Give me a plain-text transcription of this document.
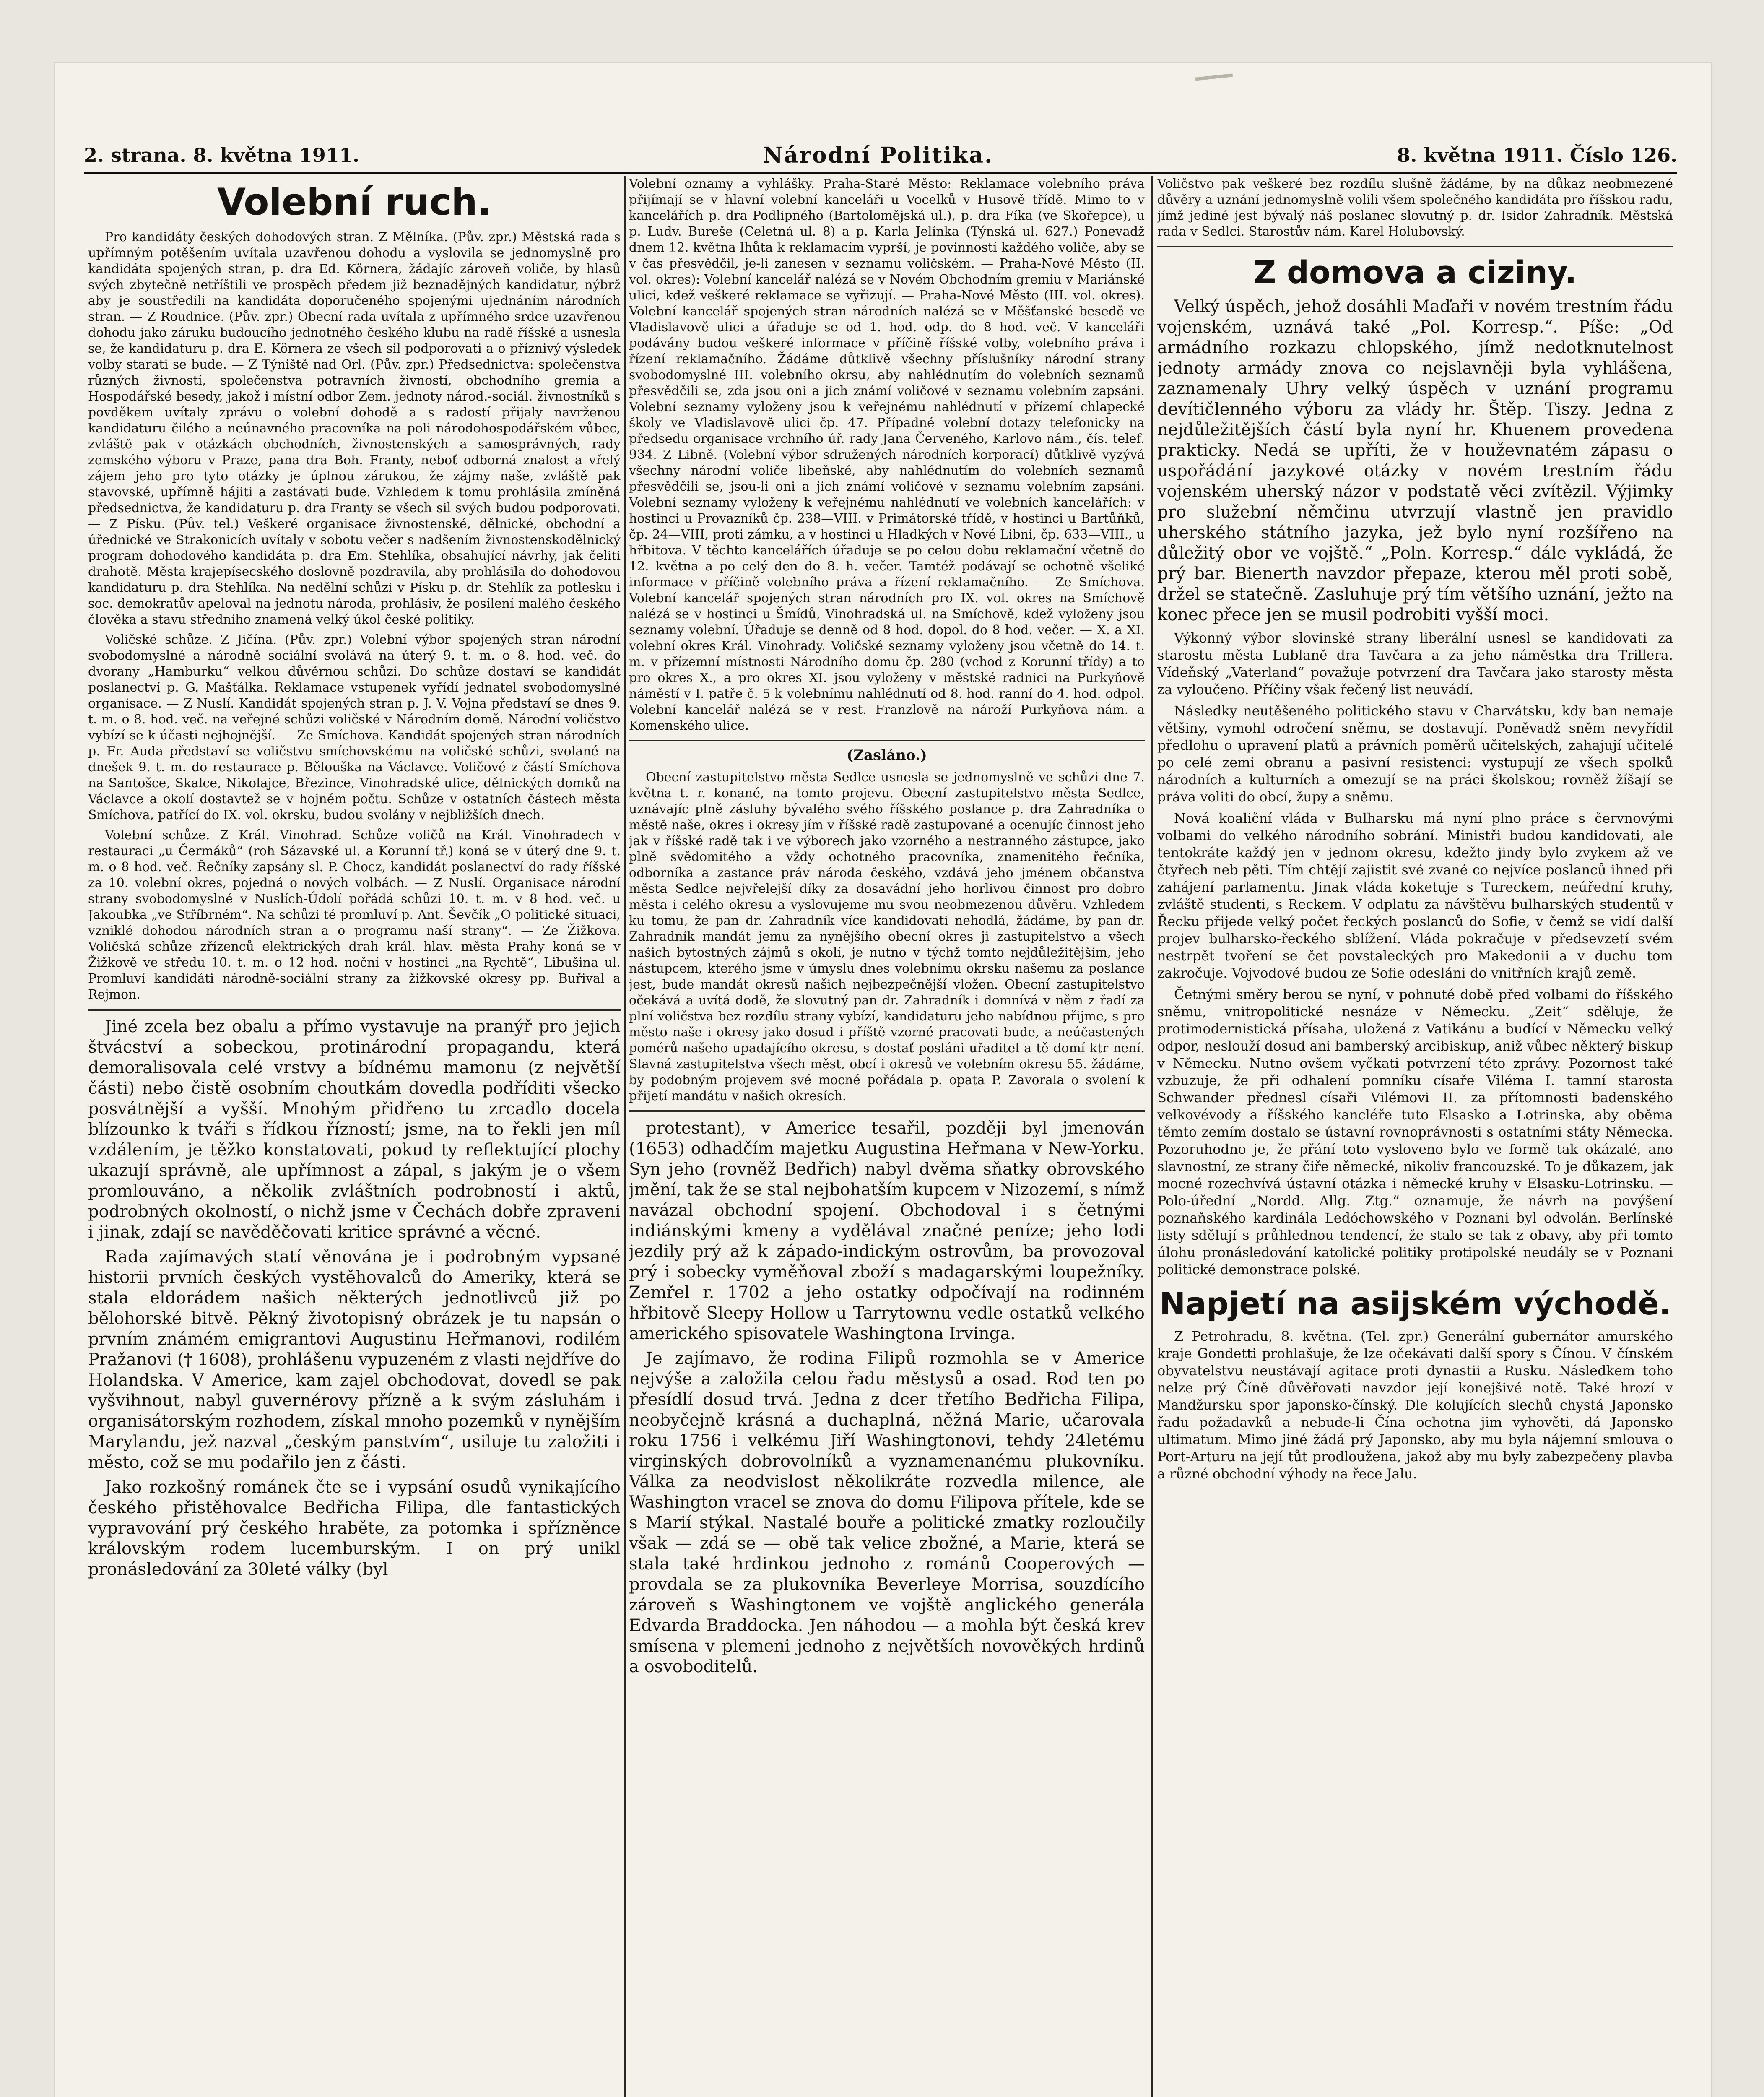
2. strana. 8. května 1911.	Národní Politika.	8. května 1911. Číslo 126.
Volební ruch.

Pro kandidáty českých dohodových stran. Z Mělníka. (Pův. zpr.) Městská rada s upřímným potěšením uvítala uzavřenou dohodu a vyslovila se jednomyslně pro kandidáta spojených stran, p. dra Ed. Körnera, žádajíc zároveň voliče, by hlasů svých zbytečně netříštili ve prospěch předem již beznadějných kandidatur, nýbrž aby je soustředili na kandidáta doporučeného spojenými ujednáním národních stran. — Z Roudnice. (Pův. zpr.) Obecní rada uvítala z upřímného srdce uzavřenou dohodu jako záruku budoucího jednotného českého klubu na radě říšské a usnesla se, že kandidaturu p. dra E. Körnera ze všech sil podporovati a o příznivý výsledek volby starati se bude. — Z Týniště nad Orl. (Pův. zpr.) Předsednictva: společenstva různých živností, společenstva potravních živností, obchodního gremia a Hospodářské besedy, jakož i místní odbor Zem. jednoty národ.-sociál. živnostníků s povděkem uvítaly zprávu o volební dohodě a s radostí přijaly navrženou kandidaturu čilého a neúnavného pracovníka na poli národohospodářském vůbec, zvláště pak v otázkách obchodních, živnostenských a samosprávných, rady zemského výboru v Praze, pana dra Boh. Franty, neboť odborná znalost a vřelý zájem jeho pro tyto otázky je úplnou zárukou, že zájmy naše, zvláště pak stavovské, upřímně hájiti a zastávati bude. Vzhledem k tomu prohlásila zmíněná předsednictva, že kandidaturu p. dra Franty se všech sil svých budou podporovati. — Z Písku. (Pův. tel.) Veškeré organisace živnostenské, dělnické, obchodní a úřednické ve Strakonicích uvítaly v sobotu večer s nadšením živnostenskodělnický program dohodového kandidáta p. dra Em. Stehlíka, obsahující návrhy, jak čeliti drahotě. Města krajepísecského doslovně pozdravila, aby prohlásila do dohodovou kandidaturu p. dra Stehlíka. Na nedělní schůzi v Písku p. dr. Stehlík za potlesku i soc. demokratův apeloval na jednotu národa, prohlásiv, že posílení malého českého člověka a stavu středního znamená velký úkol české politiky.

Voličské schůze. Z Jičína. (Pův. zpr.) Volební výbor spojených stran národní svobodomyslné a národně sociální svolává na úterý 9. t. m. o 8. hod. več. do dvorany „Hamburku“ velkou důvěrnou schůzi. Do schůze dostaví se kandidát poslanectví p. G. Mašťálka. Reklamace vstupenek vyřídí jednatel svobodomyslné organisace. — Z Nuslí. Kandidát spojených stran p. J. V. Vojna představí se dnes 9. t. m. o 8. hod. več. na veřejné schůzi voličské v Národním domě. Národní voličstvo vybízí se k účasti nejhojnější. — Ze Smíchova. Kandidát spojených stran národních p. Fr. Auda představí se voličstvu smíchovskému na voličské schůzi, svolané na dnešek 9. t. m. do restaurace p. Bělouška na Václavce. Voličové z částí Smíchova na Santošce, Skalce, Nikolajce, Březince, Vinohradské ulice, dělnických domků na Václavce a okolí dostavtež se v hojném počtu. Schůze v ostatních částech města Smíchova, patřící do IX. vol. okrsku, budou svolány v nejbližších dnech.

Volební schůze. Z Král. Vinohrad. Schůze voličů na Král. Vinohradech v restauraci „u Čermáků“ (roh Sázavské ul. a Korunní tř.) koná se v úterý dne 9. t. m. o 8 hod. več. Řečníky zapsány sl. P. Chocz, kandidát poslanectví do rady říšské za 10. volební okres, pojedná o nových volbách. — Z Nuslí. Organisace národní strany svobodomyslné v Nuslích-Údolí pořádá schůzi 10. t. m. v 8 hod. več. u Jakoubka „ve Stříbrném“. Na schůzi té promluví p. Ant. Ševčík „O politické situaci, vzniklé dohodou národních stran a o programu naší strany“. — Ze Žižkova. Voličská schůze zřízenců elektrických drah král. hlav. města Prahy koná se v Žižkově ve středu 10. t. m. o 12 hod. noční v hostinci „na Rychtě“, Libušina ul. Promluví kandidáti národně-sociální strany za žižkovské okresy pp. Buřival a Rejmon.

Jiné zcela bez obalu a přímo vystavuje na pranýř pro jejich štvácství a sobeckou, protinárodní propagandu, která demoralisovala celé vrstvy a bídnému mamonu (z největší části) nebo čistě osobním choutkám dovedla podříditi všecko posvátnější a vyšší. Mnohým přidřeno tu zrcadlo docela blízounko k tváři s řídkou řízností; jsme, na to řekli jen míl vzdálením, je těžko konstatovati, pokud ty reflektující plochy ukazují správně, ale upřímnost a zápal, s jakým je o všem promlouváno, a několik zvláštních podrobností i aktů, podrobných okolností, o nichž jsme v Čechách dobře zpraveni i jinak, zdají se navěděčovati kritice správné a věcné.

Rada zajímavých statí věnována je i podrobným vypsané historii prvních českých vystěhovalců do Ameriky, která se stala eldorádem našich některých jednotlivců již po bělohorské bitvě. Pěkný životopisný obrázek je tu napsán o prvním známém emigrantovi Augustinu Heřmanovi, rodilém Pražanovi († 1608), prohlášenu vypuzeném z vlasti nejdříve do Holandska. V Americe, kam zajel obchodovat, dovedl se pak vyšvihnout, nabyl guvernérovy přízně a k svým zásluhám i organisátorským rozhodem, získal mnoho pozemků v nynějším Marylandu, jež nazval „českým panstvím“, usiluje tu založiti i město, což se mu podařilo jen z části.

Jako rozkošný románek čte se i vypsání osudů vynikajícího českého přistěhovalce Bedřicha Filipa, dle fantastických vypravování prý českého hraběte, za potomka i spřízněnce královským rodem lucemburským. I on prý unikl pronásledování za 30leté války (byl

Volební oznamy a vyhlášky. Praha-Staré Město: Reklamace volebního práva přijímají se v hlavní volební kanceláři u Vocelků v Husově třídě. Mimo to v kancelářích p. dra Podlipného (Bartolomějská ul.), p. dra Fíka (ve Skořepce), u p. Ludv. Bureše (Celetná ul. 8) a p. Karla Jelínka (Týnská ul. 627.) Ponevadž dnem 12. května lhůta k reklamacím vyprší, je povinností každého voliče, aby se v čas přesvědčil, je-li zanesen v seznamu voličském. — Praha-Nové Město (II. vol. okres): Volební kancelář nalézá se v Novém Obchodním gremiu v Mariánské ulici, kdež veškeré reklamace se vyřizují. — Praha-Nové Město (III. vol. okres). Volební kancelář spojených stran národních nalézá se v Měšťanské besedě ve Vladislavově ulici a úřaduje se od 1. hod. odp. do 8 hod. več. V kanceláři podávány budou veškeré informace v příčině říšské volby, volebního práva i řízení reklamačního. Žádáme důtklivě všechny příslušníky národní strany svobodomyslné III. volebního okrsu, aby nahlédnutím do volebních seznamů přesvědčili se, zda jsou oni a jich známí voličové v seznamu volebním zapsáni. Volební seznamy vyloženy jsou k veřejnému nahlédnutí v přízemí chlapecké školy ve Vladislavově ulici čp. 47. Případné volební dotazy telefonicky na předsedu organisace vrchního úř. rady Jana Červeného, Karlovo nám., čís. telef. 934. Z Libně. (Volební výbor sdružených národních korporací) důtklivě vyzývá všechny národní voliče libeňské, aby nahlédnutím do volebních seznamů přesvědčili se, jsou-li oni a jich známí voličové v seznamu volebním zapsáni. Volební seznamy vyloženy k veřejnému nahlédnutí ve volebních kancelářích: v hostinci u Provazníků čp. 238—VIII. v Primátorské třídě, v hostinci u Bartůňků, čp. 24—VIII, proti zámku, a v hostinci u Hladkých v Nové Libni, čp. 633—VIII., u hřbitova. V těchto kancelářích úřaduje se po celou dobu reklamační včetně do 12. května a po celý den do 8. h. večer. Tamtéž podávají se ochotně všeliké informace v příčině volebního práva a řízení reklamačního. — Ze Smíchova. Volební kancelář spojených stran národních pro IX. vol. okres na Smíchově nalézá se v hostinci u Šmídů, Vinohradská ul. na Smíchově, kdež vyloženy jsou seznamy volební. Úřaduje se denně od 8 hod. dopol. do 8 hod. večer. — X. a XI. volební okres Král. Vinohrady. Voličské seznamy vyloženy jsou včetně do 14. t. m. v přízemní místnosti Národního domu čp. 280 (vchod z Korunní třídy) a to pro okres X., a pro okres XI. jsou vyloženy v městské radnici na Purkyňově náměstí v I. patře č. 5 k volebnímu nahlédnutí od 8. hod. ranní do 4. hod. odpol. Volební kancelář nalézá se v rest. Franzlově na nároží Purkyňova nám. a Komenského ulice.

(Zasláno.)

Obecní zastupitelstvo města Sedlce usnesla se jednomyslně ve schůzi dne 7. května t. r. konané, na tomto projevu. Obecní zastupitelstvo města Sedlce, uznávajíc plně zásluhy bývalého svého říšského poslance p. dra Zahradníka o městě naše, okres i okresy jím v říšské radě zastupované a ocenujíc činnost jeho jak v říšské radě tak i ve výborech jako vzorného a nestranného zástupce, jako plně svědomitého a vždy ochotného pracovníka, znamenitého řečníka, odborníka a zastance práv národa českého, vzdává jeho jménem občanstva města Sedlce nejvřelejší díky za dosavádní jeho horlivou činnost pro dobro města i celého okresu a vyslovujeme mu svou neobmezenou důvěru. Vzhledem ku tomu, že pan dr. Zahradník více kandidovati nehodlá, žádáme, by pan dr. Zahradník mandát jemu za nynějšího obecní okres ji zastupitelstvo a všech našich bytostných zájmů s okolí, je nutno v týchž tomto nejdůležitějším, jeho nástupcem, kterého jsme v úmyslu dnes volebnímu okrsku našemu za poslance jest, bude mandát okresů našich nejbezpečnější vložen. Obecní zastupitelstvo očekává a uvítá dodě, že slovutný pan dr. Zahradník i domnívá v něm z řadí za plní voličstva bez rozdílu strany vybízí, kandidaturu jeho nabídnou přijme, s pro město naše i okresy jako dosud i příště vzorné pracovati bude, a neúčastených pomérů našeho upadajícího okresu, s dostať posláni uřaditel a tě domí ktr není. Slavná zastupitelstva všech měst, obcí i okresů ve volebním okresu 55. žádáme, by podobným projevem své mocné pořádala p. opata P. Zavorala o svolení k přijetí mandátu v našich okresích.

protestant), v Americe tesařil, později byl jmenován (1653) odhadčím majetku Augustina Heřmana v New-Yorku. Syn jeho (rovněž Bedřich) nabyl dvěma sňatky obrovského jmění, tak že se stal nejbohatším kupcem v Nizozemí, s nímž navázal obchodní spojení. Obchodoval i s četnými indiánskými kmeny a vydělával značné peníze; jeho lodi jezdily prý až k západo-indickým ostrovům, ba provozoval prý i sobecky vyměňoval zboží s madagarskými loupežníky. Zemřel r. 1702 a jeho ostatky odpočívají na rodinném hřbitově Sleepy Hollow u Tarrytownu vedle ostatků velkého amerického spisovatele Washingtona Irvinga.

Je zajímavo, že rodina Filipů rozmohla se v Americe nejvýše a založila celou řadu městysů a osad. Rod ten po přesídlí dosud trvá. Jedna z dcer třetího Bedřicha Filipa, neobyčejně krásná a duchaplná, něžná Marie, učarovala roku 1756 i velkému Jiří Washingtonovi, tehdy 24letému virginských dobrovolníků a vyznamenanému plukovníku. Válka za neodvislost několikráte rozvedla milence, ale Washington vracel se znova do domu Filipova přítele, kde se s Marií stýkal. Nastalé bouře a politické zmatky rozloučily však — zdá se — obě tak velice zbožné, a Marie, která se stala také hrdinkou jednoho z románů Cooperových — provdala se za plukovníka Beverleye Morrisa, souzdícího zároveň s Washingtonem ve vojště anglického generála Edvarda Braddocka. Jen náhodou — a mohla být česká krev smísena v plemeni jednoho z největších novověkých hrdinů a osvoboditelů.

Voličstvo pak veškeré bez rozdílu slušně žádáme, by na důkaz neobmezené důvěry a uznání jednomyslně volili všem společného kandidáta pro říšskou radu, jímž jediné jest bývalý náš poslanec slovutný p. dr. Isidor Zahradník. Městská rada v Sedlci. Starostův nám. Karel Holubovský.

Z domova a ciziny.

Velký úspěch, jehož dosáhli Maďaři v novém trestním řádu vojenském, uznává také „Pol. Korresp.“. Píše: „Od armádního rozkazu chlopského, jímž nedotknutelnost jednoty armády znova co nejslavněji byla vyhlášena, zaznamenaly Uhry velký úspěch v uznání programu devítičlenného výboru za vlády hr. Štěp. Tiszy. Jedna z nejdůležitějších částí byla nyní hr. Khuenem provedena prakticky. Nedá se upříti, že v houževnatém zápasu o uspořádání jazykové otázky v novém trestním řádu vojenském uherský názor v podstatě věci zvítězil. Výjimky pro služební němčinu utvrzují vlastně jen pravidlo uherského státního jazyka, jež bylo nyní rozšířeno na důležitý obor ve vojště.“ „Poln. Korresp.“ dále vykládá, že prý bar. Bienerth navzdor přepaze, kterou měl proti sobě, držel se statečně. Zasluhuje prý tím většího uznání, ježto na konec přece jen se musil podrobiti vyšší moci.

Výkonný výbor slovinské strany liberální usnesl se kandidovati za starostu města Lublaně dra Tavčara a za jeho náměstka dra Trillera. Vídeňský „Vaterland“ považuje potvrzení dra Tavčara jako starosty města za vyloučeno. Příčiny však řečený list neuvádí.

Následky neutěšeného politického stavu v Charvátsku, kdy ban nemaje většiny, vymohl odročení sněmu, se dostavují. Poněvadž sněm nevyřídil předlohu o upravení platů a právních poměrů učitelských, zahajují učitelé po celé zemi obranu a pasivní resistenci: vystupují ze všech spolků národních a kulturních a omezují se na práci školskou; rovněž žíšají se práva voliti do obcí, župy a sněmu.

Nová koaliční vláda v Bulharsku má nyní plno práce s červnovými volbami do velkého národního sobrání. Ministři budou kandidovati, ale tentokráte každý jen v jednom okresu, kdežto jindy bylo zvykem až ve čtyřech neb pěti. Tím chtějí zajistit své zvané co nejvíce poslanců ihned při zahájení parlamentu. Jinak vláda koketuje s Tureckem, neúřední kruhy, zvláště studenti, s Reckem. V odplatu za návštěvu bulharských studentů v Řecku přijede velký počet řeckých poslanců do Sofie, v čemž se vidí další projev bulharsko-řeckého sblížení. Vláda pokračuje v předsevzetí svém nestrpět tvoření se čet povstaleckých pro Makedonii a v duchu tom zakročuje. Vojvodové budou ze Sofie odesláni do vnitřních krajů země.

Četnými směry berou se nyní, v pohnuté době před volbami do říšského sněmu, vnitropolitické nesnáze v Německu. „Zeit“ sděluje, že protimodernistická přísaha, uložená z Vatikánu a budící v Německu velký odpor, neslouží dosud ani bamberský arcibiskup, aniž vůbec některý biskup v Německu. Nutno ovšem vyčkati potvrzení této zprávy. Pozornost také vzbuzuje, že při odhalení pomníku císaře Viléma I. tamní starosta Schwander přednesl císaři Vilémovi II. za přítomnosti badenského velkovévody a říšského kancléře tuto Elsasko a Lotrinska, aby oběma těmto zemím dostalo se ústavní rovnoprávnosti s ostatními státy Německa. Pozoruhodno je, že přání toto vysloveno bylo ve formě tak okázalé, ano slavnostní, ze strany čiře německé, nikoliv francouzské. To je důkazem, jak mocné rozechvívá ústavní otázka i německé kruhy v Elsasku-Lotrinsku. — Polo-úřední „Nordd. Allg. Ztg.“ oznamuje, že návrh na povýšení poznaňského kardinála Ledóchowského v Poznani byl odvolán. Berlínské listy sdělují s průhlednou tendencí, že stalo se tak z obavy, aby při tomto úlohu pronásledování katolické politiky protipolské neudály se v Poznani politické demonstrace polské.

Napjetí na asijském východě.

Z Petrohradu, 8. května. (Tel. zpr.) Generální gubernátor amurského kraje Gondetti prohlašuje, že lze očekávati další spory s Čínou. V čínském obyvatelstvu neustávají agitace proti dynastii a Rusku. Následkem toho nelze prý Číně důvěřovati navzdor její konejšivé notě. Také hrozí v Mandžursku spor japonsko-čínský. Dle kolujících slechů chystá Japonsko řadu požadavků a nebude-li Čína ochotna jim vyhověti, dá Japonsko ultimatum. Mimo jiné žádá prý Japonsko, aby mu byla nájemní smlouva o Port-Arturu na její tůt prodloužena, jakož aby mu byly zabezpečeny plavba a různé obchodní výhody na řece Jalu.
